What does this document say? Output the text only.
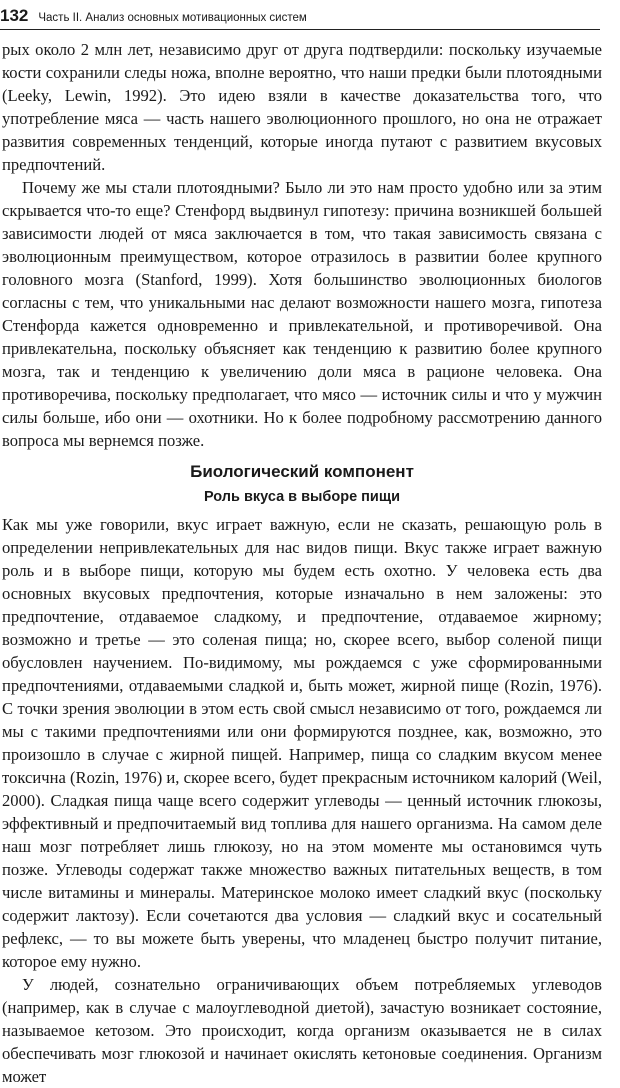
132 Часть II. Анализ основных мотивационных систем

рых около 2 млн лет, независимо друг от друга подтвердили: поскольку изучаемые кости сохранили следы ножа, вполне вероятно, что наши предки были плотоядными (Leeky, Lewin, 1992). Это идею взяли в качестве доказательства того, что употребление мяса — часть нашего эволюционного прошлого, но она не отражает развития современных тенденций, которые иногда путают с развитием вкусовых предпочтений.

Почему же мы стали плотоядными? Было ли это нам просто удобно или за этим скрывается что-то еще? Стенфорд выдвинул гипотезу: причина возникшей большей зависимости людей от мяса заключается в том, что такая зависимость связана с эволюционным преимуществом, которое отразилось в развитии более крупного головного мозга (Stanford, 1999). Хотя большинство эволюционных биологов согласны с тем, что уникальными нас делают возможности нашего мозга, гипотеза Стенфорда кажется одновременно и привлекательной, и противоречивой. Она привлекательна, поскольку объясняет как тенденцию к развитию более крупного мозга, так и тенденцию к увеличению доли мяса в рационе человека. Она противоречива, поскольку предполагает, что мясо — источник силы и что у мужчин силы больше, ибо они — охотники. Но к более подробному рассмотрению данного вопроса мы вернемся позже.

Биологический компонент
Роль вкуса в выборе пищи

Как мы уже говорили, вкус играет важную, если не сказать, решающую роль в определении непривлекательных для нас видов пищи. Вкус также играет важную роль и в выборе пищи, которую мы будем есть охотно. У человека есть два основных вкусовых предпочтения, которые изначально в нем заложены: это предпочтение, отдаваемое сладкому, и предпочтение, отдаваемое жирному; возможно и третье — это соленая пища; но, скорее всего, выбор соленой пищи обусловлен научением. По-видимому, мы рождаемся с уже сформированными предпочтениями, отдаваемыми сладкой и, быть может, жирной пище (Rozin, 1976). С точки зрения эволюции в этом есть свой смысл независимо от того, рождаемся ли мы с такими предпочтениями или они формируются позднее, как, возможно, это произошло в случае с жирной пищей. Например, пища со сладким вкусом менее токсична (Rozin, 1976) и, скорее всего, будет прекрасным источником калорий (Weil, 2000). Сладкая пища чаще всего содержит углеводы — ценный источник глюкозы, эффективный и предпочитаемый вид топлива для нашего организма. На самом деле наш мозг потребляет лишь глюкозу, но на этом моменте мы остановимся чуть позже. Углеводы содержат также множество важных питательных веществ, в том числе витамины и минералы. Материнское молоко имеет сладкий вкус (поскольку содержит лактозу). Если сочетаются два условия — сладкий вкус и сосательный рефлекс, — то вы можете быть уверены, что младенец быстро получит питание, которое ему нужно.

У людей, сознательно ограничивающих объем потребляемых углеводов (например, как в случае с малоуглеводной диетой), зачастую возникает состояние, называемое кетозом. Это происходит, когда организм оказывается не в силах обеспечивать мозг глюкозой и начинает окислять кетоновые соединения. Организм может
